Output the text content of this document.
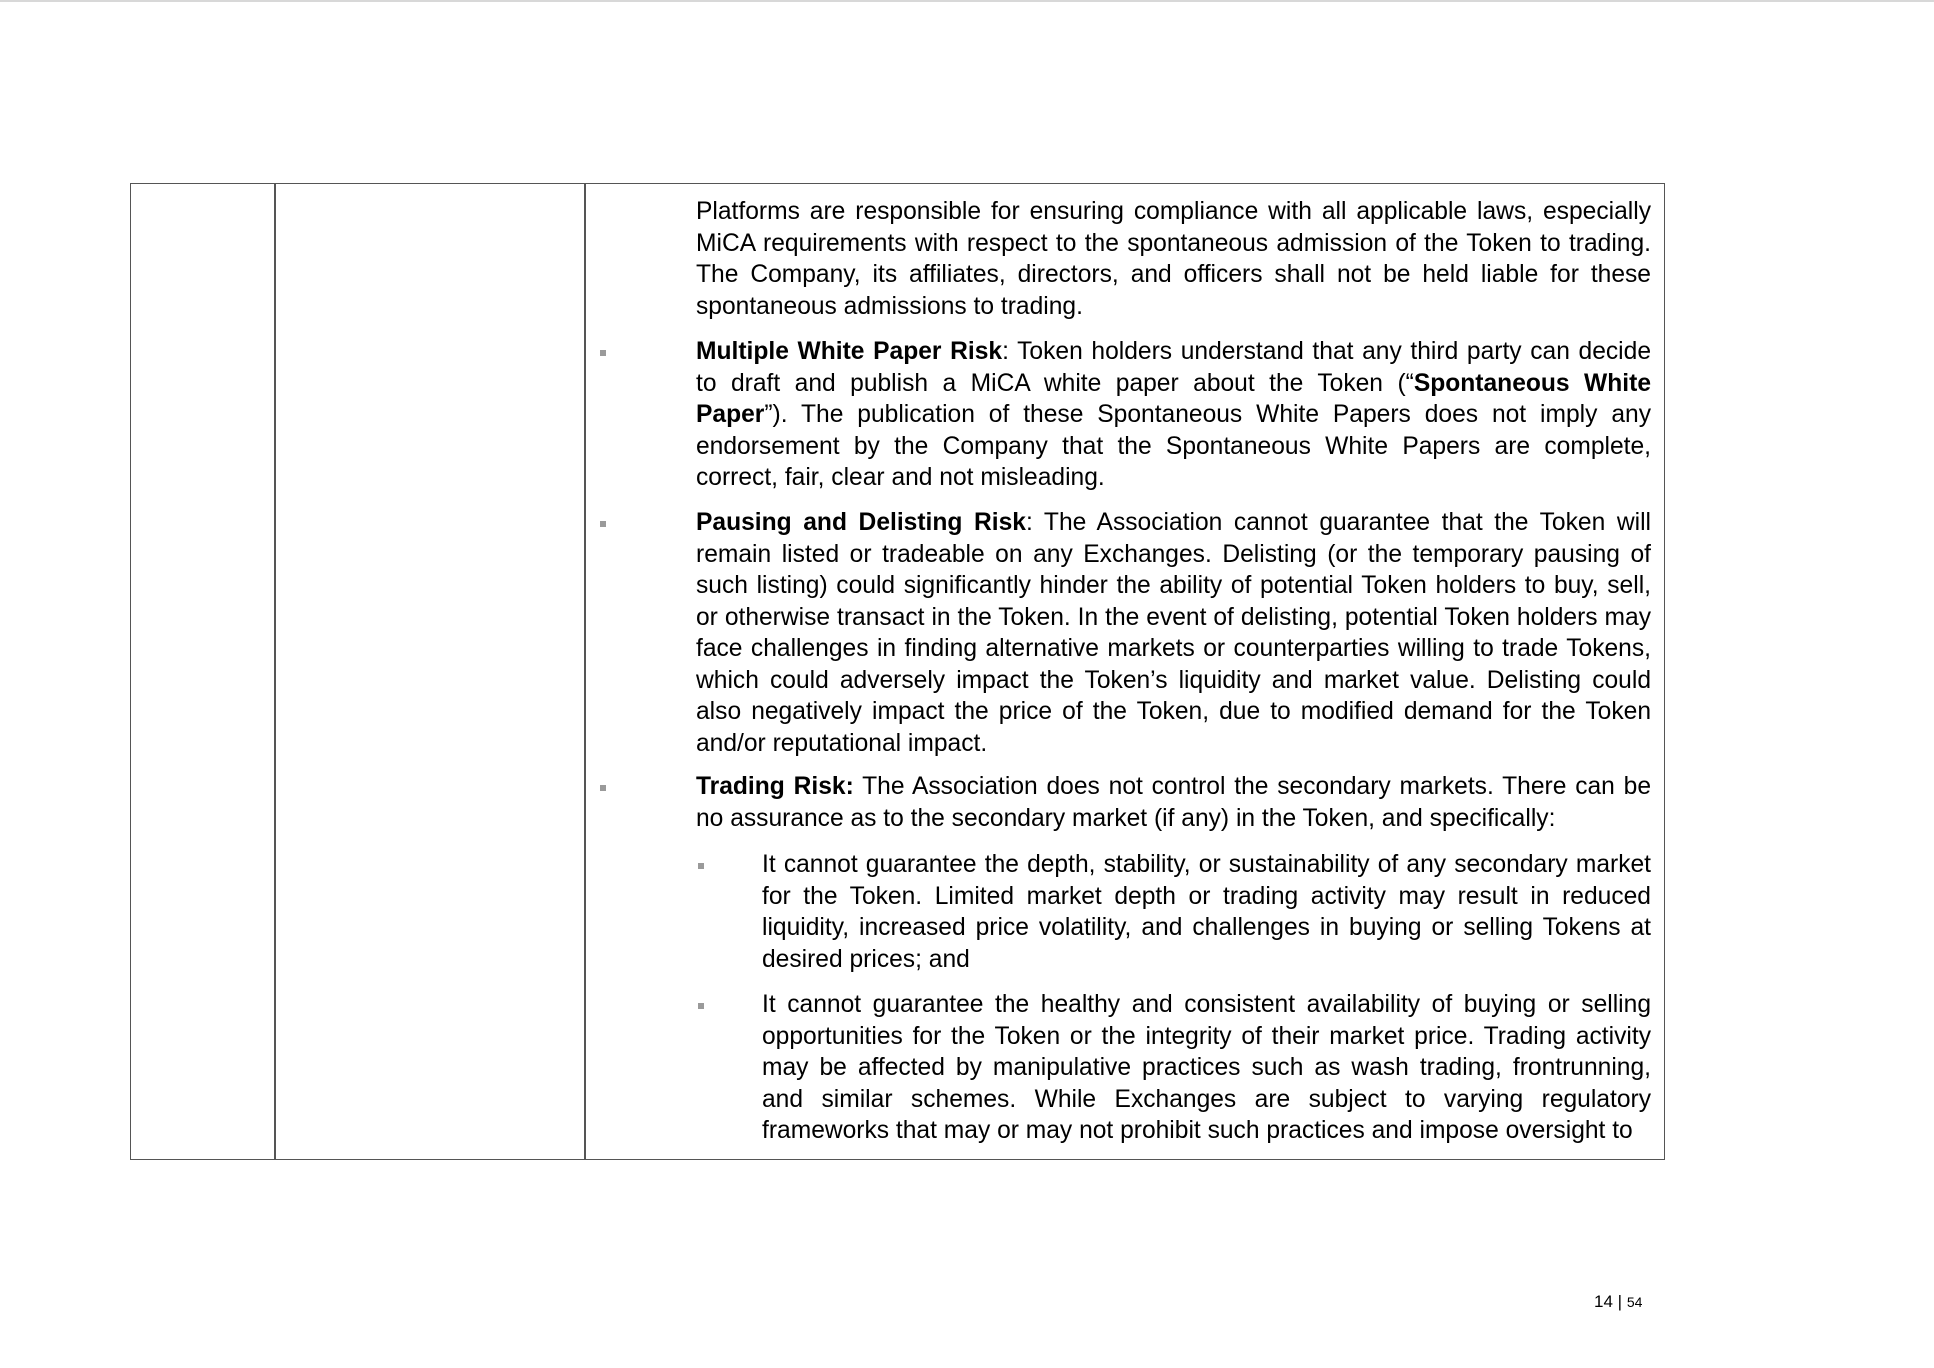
Platforms are responsible for ensuring compliance with all applicable laws, especially MiCA requirements with respect to the spontaneous admission of the Token to trading. The Company, its affiliates, directors, and officers shall not be held liable for these spontaneous admissions to trading.

Multiple White Paper Risk: Token holders understand that any third party can decide to draft and publish a MiCA white paper about the Token (“Spontaneous White Paper”). The publication of these Spontaneous White Papers does not imply any endorsement by the Company that the Spontaneous White Papers are complete, correct, fair, clear and not misleading.

Pausing and Delisting Risk: The Association cannot guarantee that the Token will remain listed or tradeable on any Exchanges. Delisting (or the temporary pausing of such listing) could significantly hinder the ability of potential Token holders to buy, sell, or otherwise transact in the Token. In the event of delisting, potential Token holders may face challenges in finding alternative markets or counterparties willing to trade Tokens, which could adversely impact the Token’s liquidity and market value. Delisting could also negatively impact the price of the Token, due to modified demand for the Token and/or reputational impact.

Trading Risk: The Association does not control the secondary markets. There can be no assurance as to the secondary market (if any) in the Token, and specifically:

It cannot guarantee the depth, stability, or sustainability of any secondary market for the Token. Limited market depth or trading activity may result in reduced liquidity, increased price volatility, and challenges in buying or selling Tokens at desired prices; and

It cannot guarantee the healthy and consistent availability of buying or selling opportunities for the Token or the integrity of their market price. Trading activity may be affected by manipulative practices such as wash trading, frontrunning, and similar schemes. While Exchanges are subject to varying regulatory frameworks that may or may not prohibit such practices and impose oversight to

14 | 54
